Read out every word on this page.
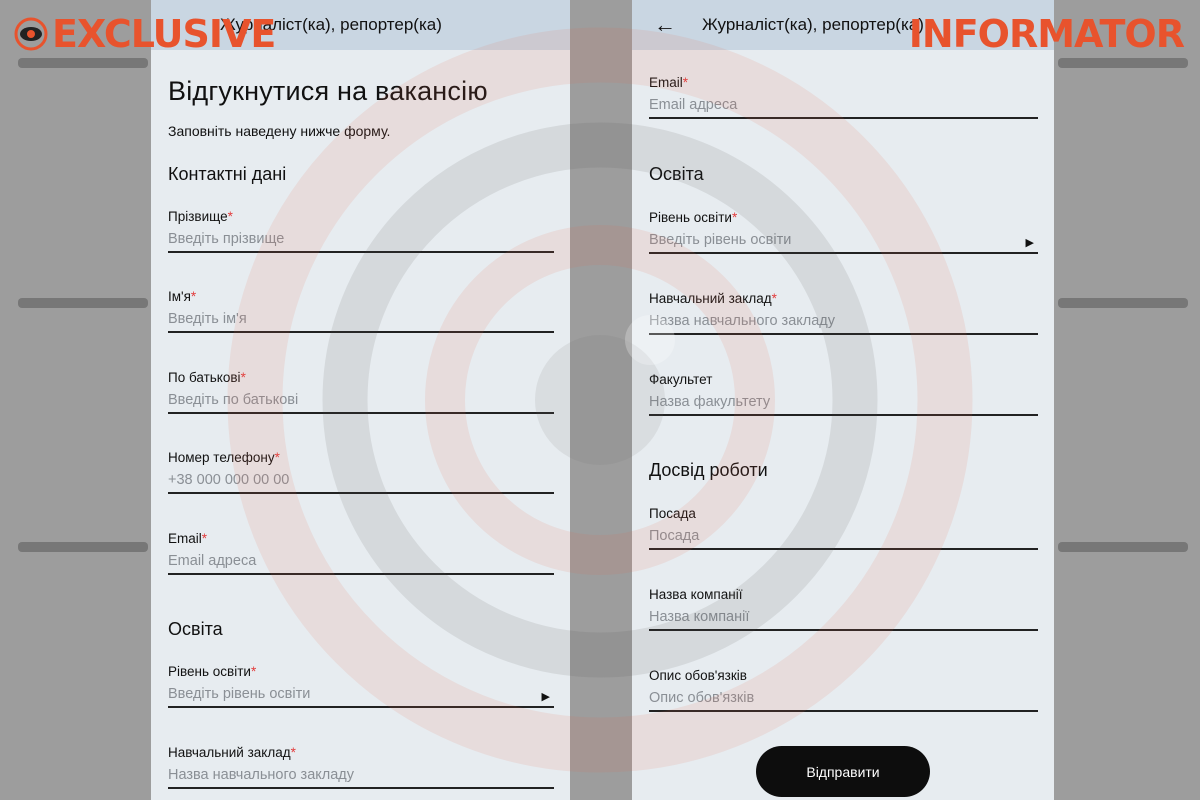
Журналіст(ка), репортер(ка)
Відгукнутися на вакансію
Заповніть наведену нижче форму.
Контактні дані
Прізвище*
Введіть прізвище
Ім'я*
Введіть ім'я
По батькові*
Введіть по батькові
Номер телефону*
+38 000 000 00 00
Email*
Email адреса
Освіта
Рівень освіти*
Введіть рівень освіти	▶
Навчальний заклад*
Назва навчального закладу
←	Журналіст(ка), репортер(ка)
Email*
Email адреса
Освіта
Рівень освіти*
Введіть рівень освіти	▶
Навчальний заклад*
Назва навчального закладу
Факультет
Назва факультету
Досвід роботи
Посада
Посада
Назва компанії
Назва компанії
Опис обов'язків
Опис обов'язків
Відправити
EXCLUSIVE	INFORMATOR
